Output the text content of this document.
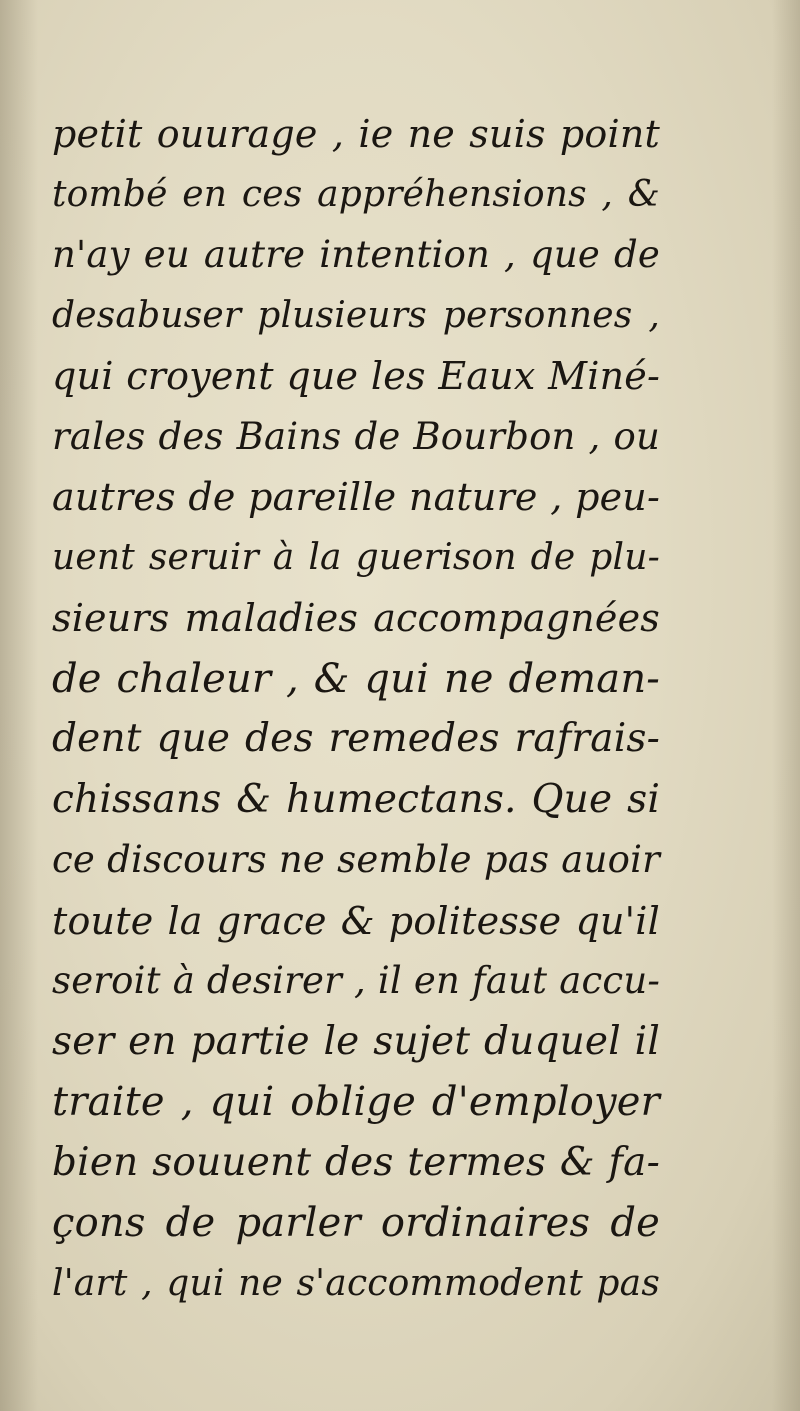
petit ouurage , ie ne suis point
tombé en ces appréhensions , &
n'ay eu autre intention , que de
desabuser plusieurs personnes ,
qui croyent que les Eaux Miné-
rales des Bains de Bourbon , ou
autres de pareille nature , peu-
uent seruir à la guerison de plu-
sieurs maladies accompagnées
de chaleur , & qui ne deman-
dent que des remedes rafrais-
chissans & humectans. Que si
ce discours ne semble pas auoir
toute la grace & politesse qu'il
seroit à desirer , il en faut accu-
ser en partie le sujet duquel il
traite , qui oblige d'employer
bien souuent des termes & fa-
çons de parler ordinaires de
l'art , qui ne s'accommodent pas
